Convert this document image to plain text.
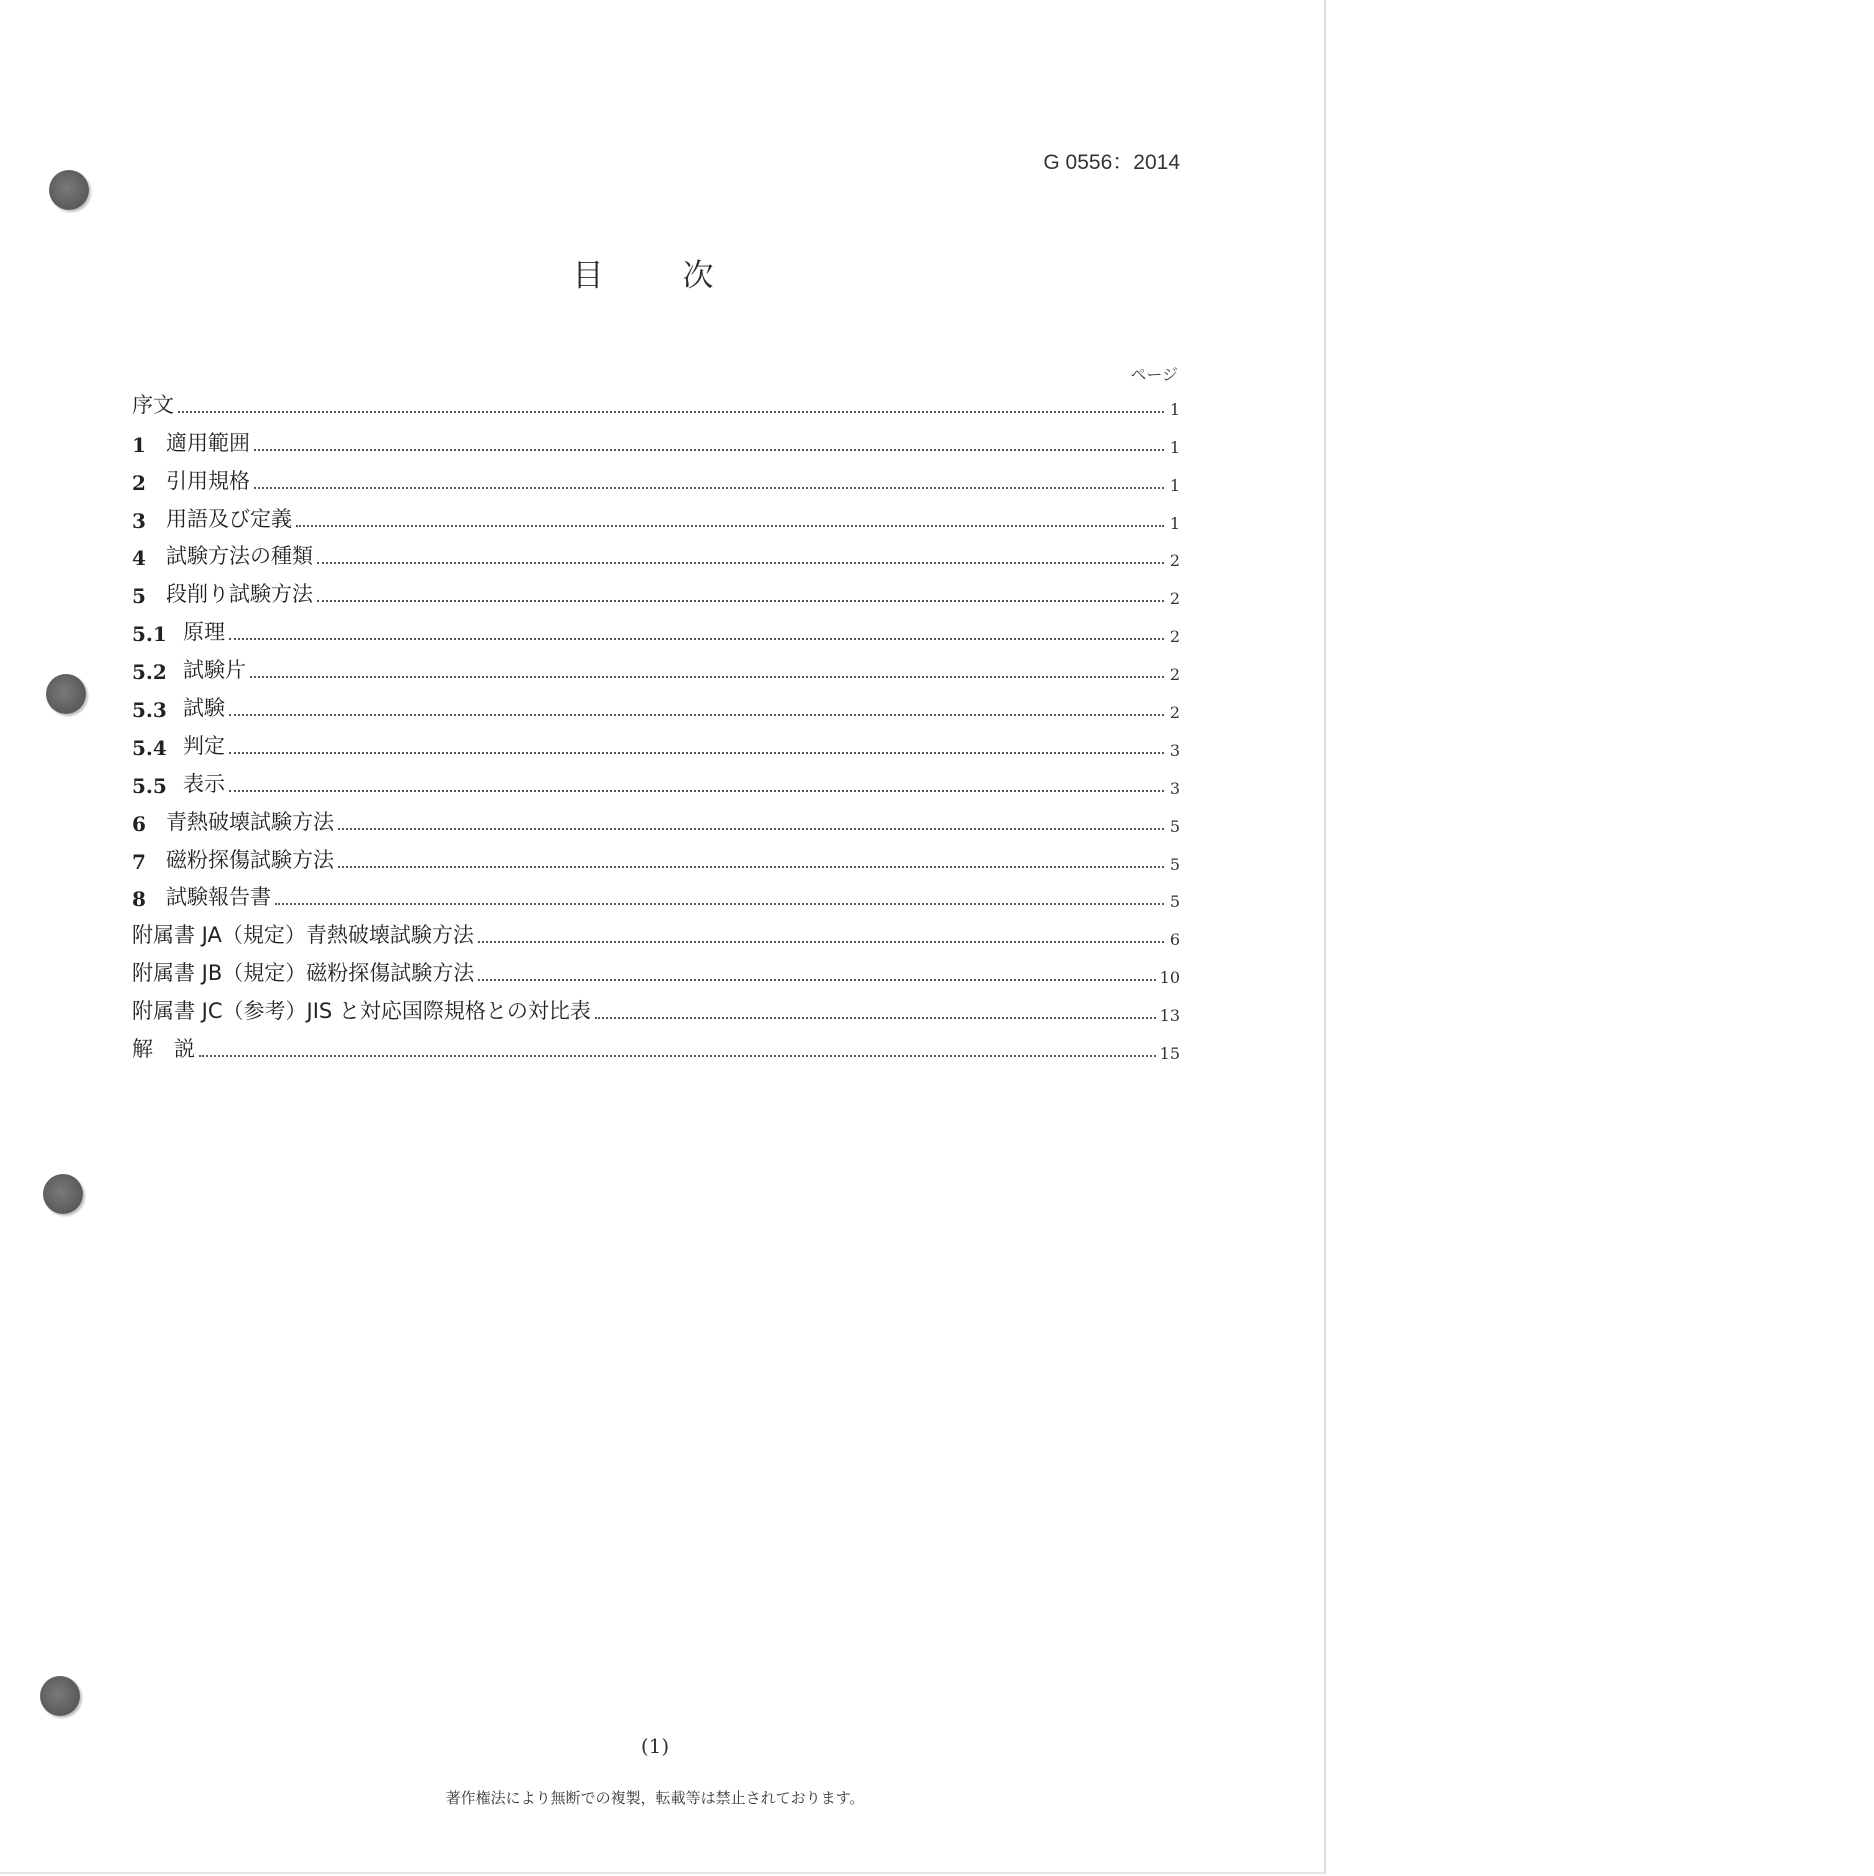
G 0556：2014
目　次
ページ
序文	1
1 適用範囲	1
2 引用規格	1
3 用語及び定義	1
4 試験方法の種類	2
5 段削り試験方法	2
5.1 原理	2
5.2 試験片	2
5.3 試験	2
5.4 判定	3
5.5 表示	3
6 青熱破壊試験方法	5
7 磁粉探傷試験方法	5
8 試験報告書	5
附属書 JA（規定）青熱破壊試験方法	6
附属書 JB（規定）磁粉探傷試験方法	10
附属書 JC（参考）JIS と対応国際規格との対比表	13
解　説	15
(1)
著作権法により無断での複製，転載等は禁止されております。
